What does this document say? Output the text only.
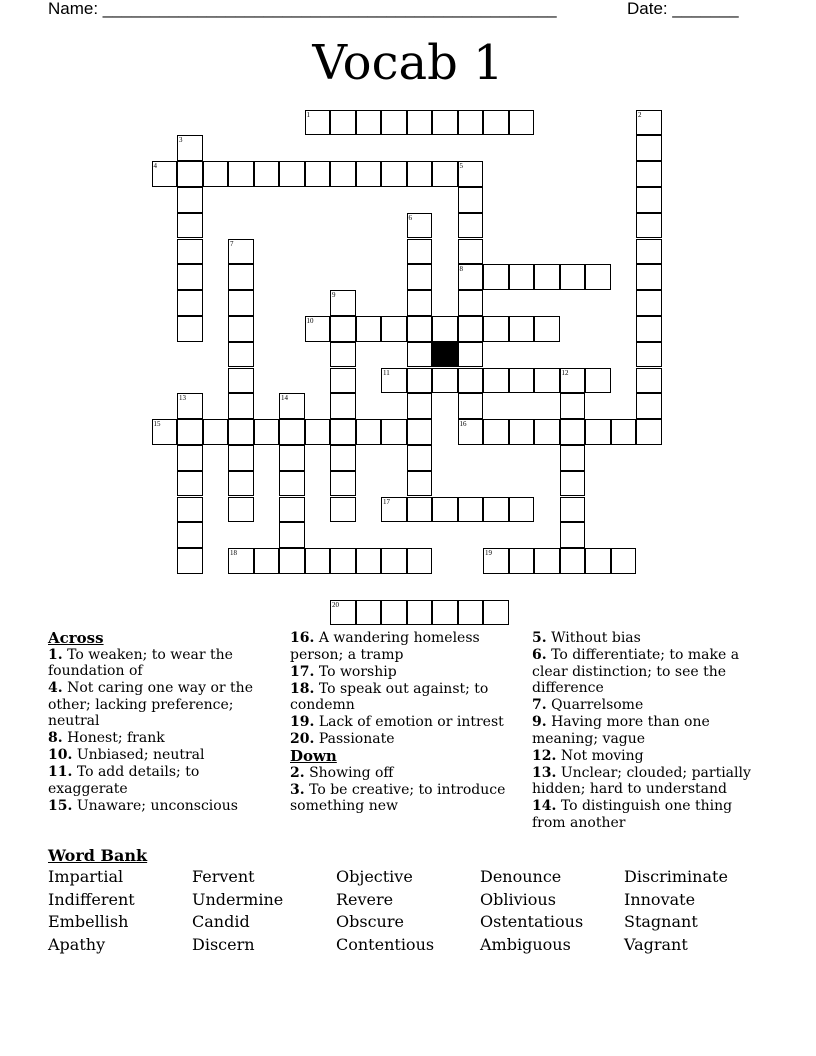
Name: ________________________________________________	Date: _______
Vocab 1
1	2
3
4	5
8
6
7
9
10
11	12
13	14
15	16
17
18	19
20
Across
1. To weaken; to wear the foundation of
4. Not caring one way or the other; lacking preference; neutral
8. Honest; frank
10. Unbiased; neutral
11. To add details; to exaggerate
15. Unaware; unconscious
16. A wandering homeless person; a tramp
17. To worship
18. To speak out against; to condemn
19. Lack of emotion or intrest
20. Passionate
Down
2. Showing off
3. To be creative; to introduce something new
5. Without bias
6. To differentiate; to make a clear distinction; to see the difference
7. Quarrelsome
9. Having more than one meaning; vague
12. Not moving
13. Unclear; clouded; partially hidden; hard to understand
14. To distinguish one thing from another
Word Bank
Impartial	Fervent	Objective	Denounce	Discriminate
Indifferent	Undermine	Revere	Oblivious	Innovate
Embellish	Candid	Obscure	Ostentatious	Stagnant
Apathy	Discern	Contentious	Ambiguous	Vagrant
